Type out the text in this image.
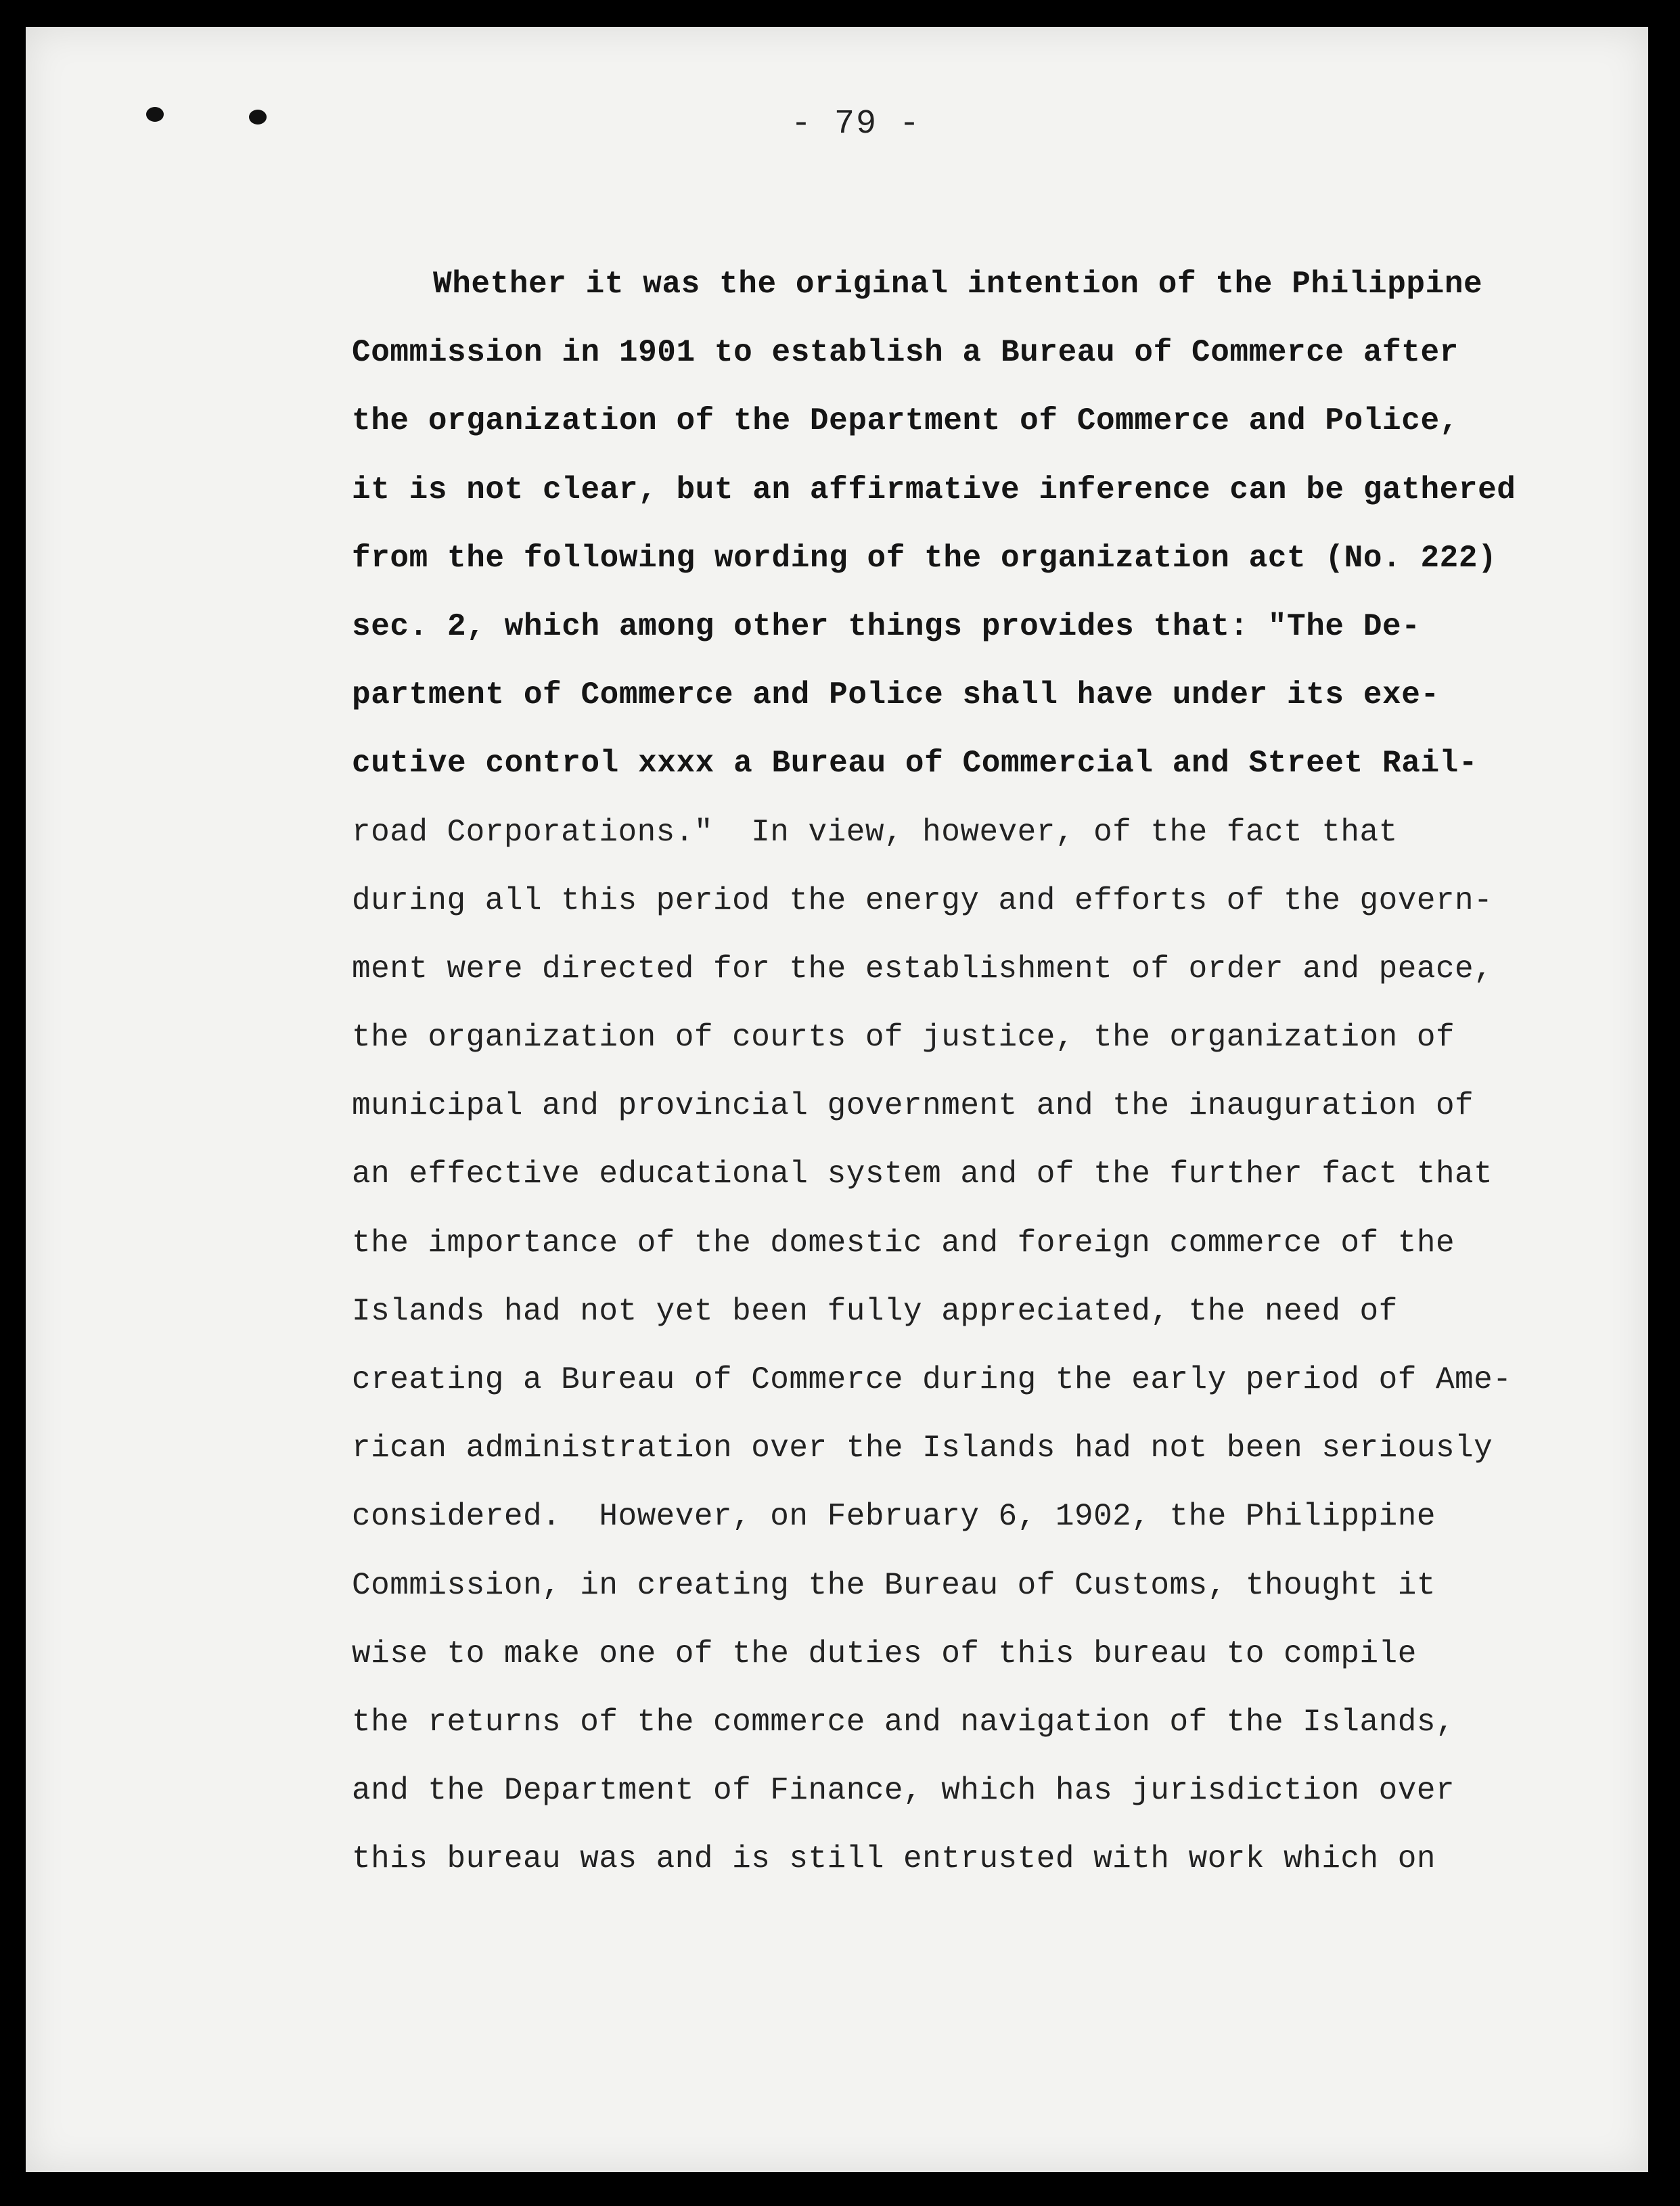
- 79 -
Whether it was the original intention of the Philippine
Commission in 1901 to establish a Bureau of Commerce after
the organization of the Department of Commerce and Police,
it is not clear, but an affirmative inference can be gathered
from the following wording of the organization act (No. 222)
sec. 2, which among other things provides that: "The De-
partment of Commerce and Police shall have under its exe-
cutive control xxxx a Bureau of Commercial and Street Rail-
road Corporations."  In view, however, of the fact that
during all this period the energy and efforts of the govern-
ment were directed for the establishment of order and peace,
the organization of courts of justice, the organization of
municipal and provincial government and the inauguration of
an effective educational system and of the further fact that
the importance of the domestic and foreign commerce of the
Islands had not yet been fully appreciated, the need of
creating a Bureau of Commerce during the early period of Ame-
rican administration over the Islands had not been seriously
considered.  However, on February 6, 1902, the Philippine
Commission, in creating the Bureau of Customs, thought it
wise to make one of the duties of this bureau to compile
the returns of the commerce and navigation of the Islands,
and the Department of Finance, which has jurisdiction over
this bureau was and is still entrusted with work which on
